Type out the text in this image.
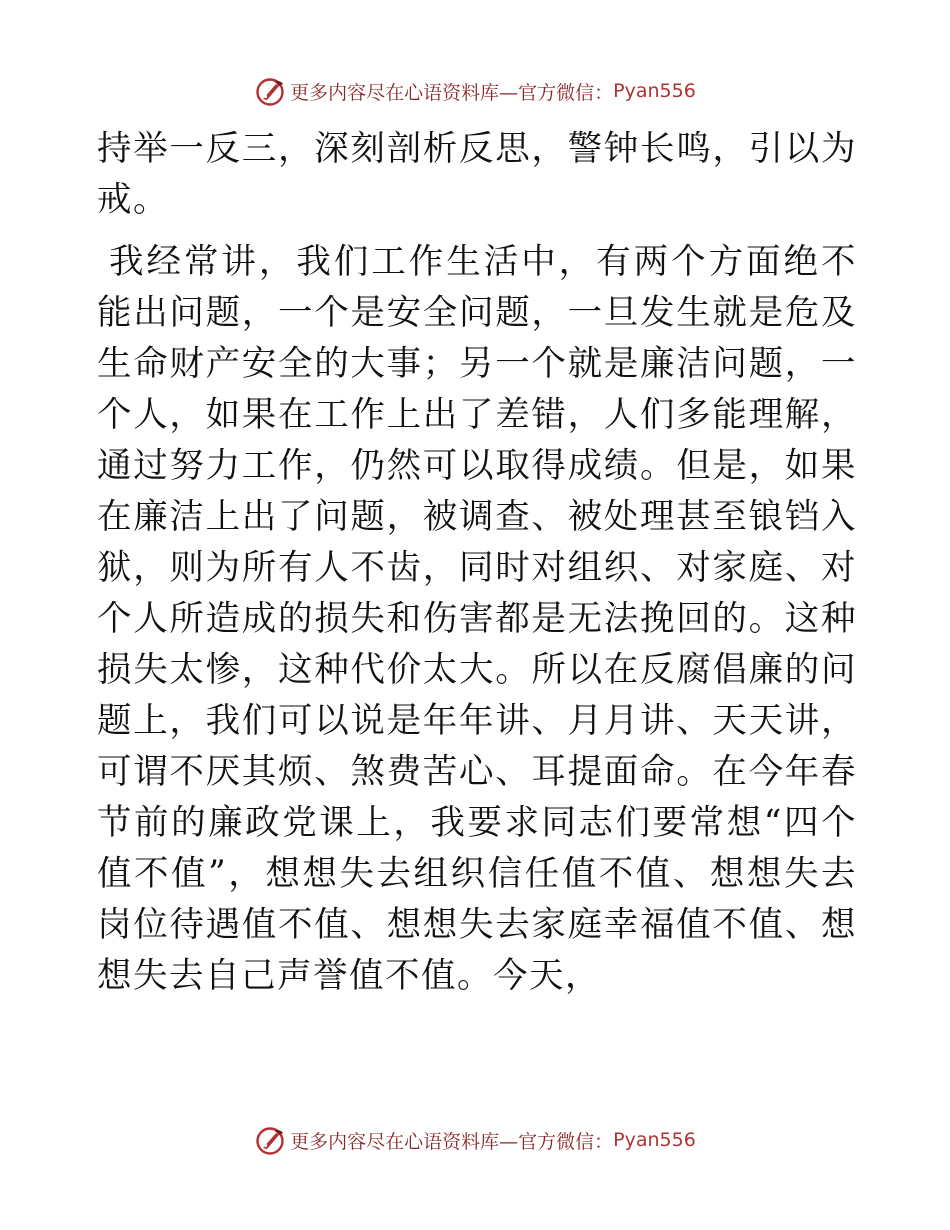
更多内容尽在心语资料库—官方微信： Pyan556

持举一反三，深刻剖析反思，警钟长鸣，引以为戒。

我经常讲，我们工作生活中，有两个方面绝不能出问题，一个是安全问题，一旦发生就是危及生命财产安全的大事；另一个就是廉洁问题，一个人，如果在工作上出了差错，人们多能理解，通过努力工作，仍然可以取得成绩。但是，如果在廉洁上出了问题，被调查、被处理甚至锒铛入狱，则为所有人不齿，同时对组织、对家庭、对个人所造成的损失和伤害都是无法挽回的。这种损失太惨，这种代价太大。所以在反腐倡廉的问题上，我们可以说是年年讲、月月讲、天天讲，可谓不厌其烦、煞费苦心、耳提面命。在今年春节前的廉政党课上，我要求同志们要常想“四个值不值”，想想失去组织信任值不值、想想失去岗位待遇值不值、想想失去家庭幸福值不值、想想失去自己声誉值不值。今天，

更多内容尽在心语资料库—官方微信： Pyan556
